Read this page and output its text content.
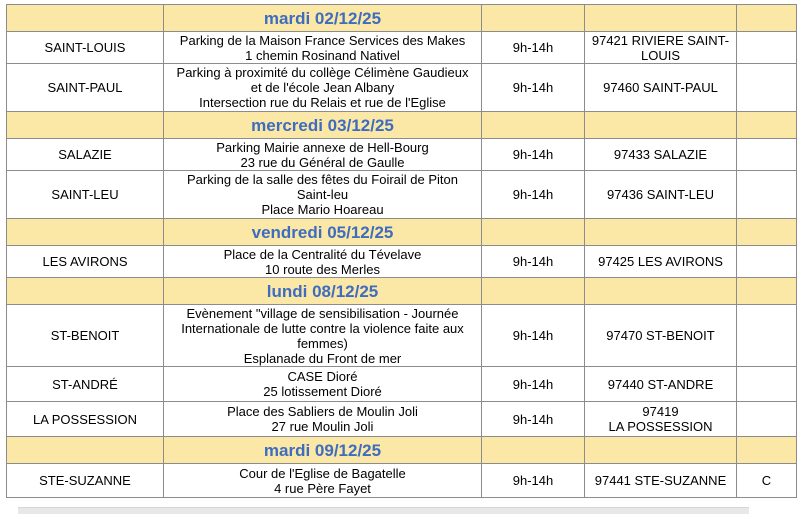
	mardi 02/12/25			
SAINT-LOUIS	Parking de la Maison France Services des Makes
1 chemin Rosinand Nativel	9h-14h	97421 RIVIERE SAINT-
LOUIS	

SAINT-PAUL	Parking à proximité du collège Célimène Gaudieux
et de l'école Jean Albany
Intersection rue du Relais et rue de l'Eglise	9h-14h	97460 SAINT-PAUL	
	mercredi 03/12/25			
SALAZIE	Parking Mairie annexe de Hell-Bourg
23 rue du Général de Gaulle	9h-14h	97433 SALAZIE	
SAINT-LEU	Parking de la salle des fêtes du Foirail de Piton
Saint-leu
Place Mario Hoareau	9h-14h	97436 SAINT-LEU	
	vendredi 05/12/25			
LES AVIRONS	Place de la Centralité du Tévelave
10 route des Merles	9h-14h	97425 LES AVIRONS	
	lundi 08/12/25			
ST-BENOIT	Evènement "village de sensibilisation - Journée
Internationale de lutte contre la violence faite aux
femmes)
Esplanade du Front de mer	9h-14h	97470 ST-BENOIT	
ST-ANDRÉ	CASE Dioré
25 lotissement Dioré	9h-14h	97440 ST-ANDRE	
LA POSSESSION	Place des Sabliers de Moulin Joli
27 rue Moulin Joli	9h-14h	97419
LA POSSESSION	

	mardi 09/12/25			
STE-SUZANNE	Cour de l'Eglise de Bagatelle
4 rue Père Fayet	9h-14h	97441 STE-SUZANNE	C
